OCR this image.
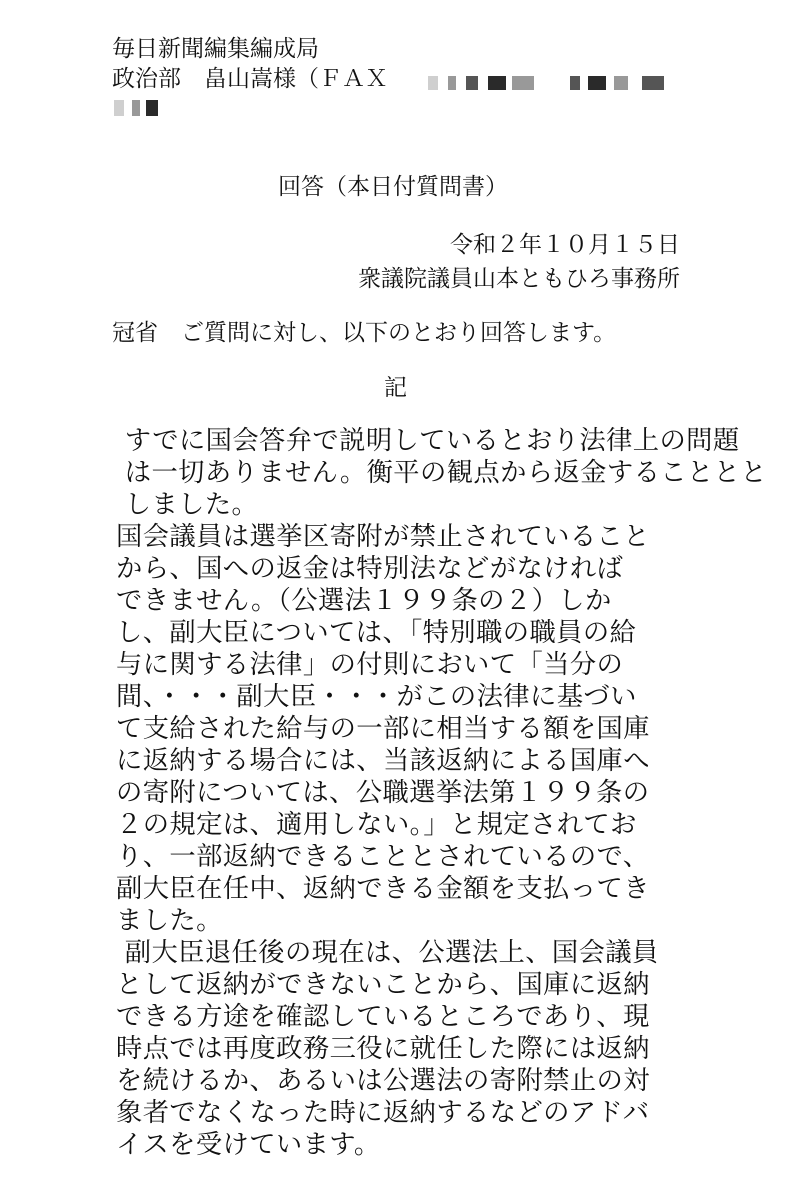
毎日新聞編集編成局
政治部　畠山嵩様（ＦＡＸ
回答（本日付質問書）
令和２年１０月１５日
衆議院議員山本ともひろ事務所
冠省　ご質問に対し、以下のとおり回答します。
記
すでに国会答弁で説明しているとおり法律上の問題
は一切ありません。衡平の観点から返金することとと
しました。
国会議員は選挙区寄附が禁止されていること
から、国への返金は特別法などがなければ
できません。（公選法１９９条の２）しか
し、副大臣については、「特別職の職員の給
与に関する法律」の付則において「当分の
間、・・・副大臣・・・がこの法律に基づい
て支給された給与の一部に相当する額を国庫
に返納する場合には、当該返納による国庫へ
の寄附については、公職選挙法第１９９条の
２の規定は、適用しない。」と規定されてお
り、一部返納できることとされているので、
副大臣在任中、返納できる金額を支払ってき
ました。
副大臣退任後の現在は、公選法上、国会議員
として返納ができないことから、国庫に返納
できる方途を確認しているところであり、現
時点では再度政務三役に就任した際には返納
を続けるか、あるいは公選法の寄附禁止の対
象者でなくなった時に返納するなどのアドバ
イスを受けています。
